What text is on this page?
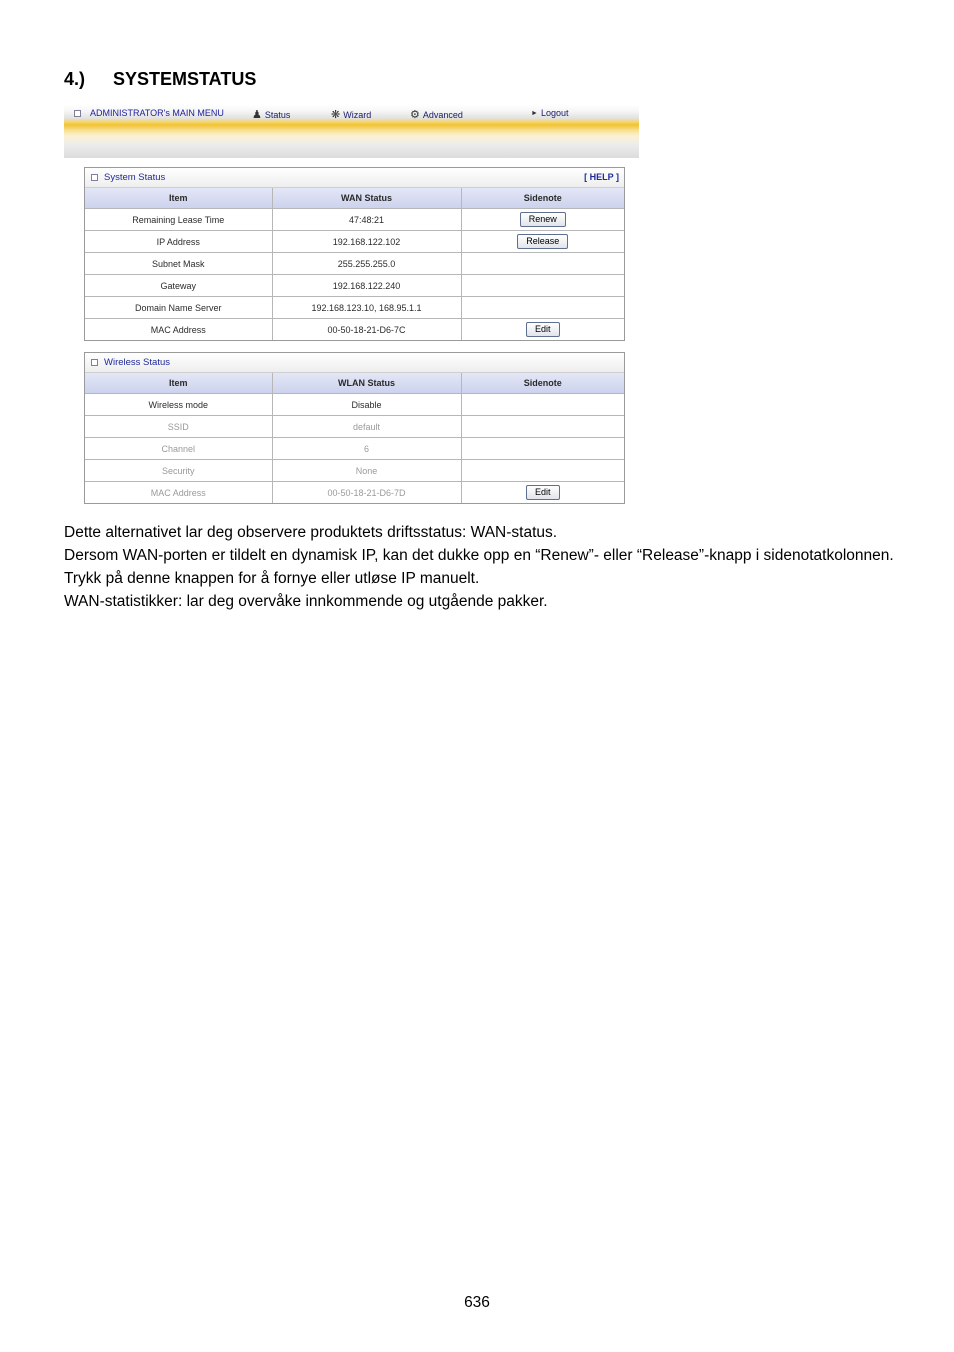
4.) SYSTEMSTATUS
ADMINISTRATOR's MAIN MENU	♟ Status	❋ Wizard	⚙ Advanced	► Logout
System Status	[ HELP ]
Item	WAN Status	Sidenote
Remaining Lease Time	47:48:21	Renew
IP Address	192.168.122.102	Release
Subnet Mask	255.255.255.0	
Gateway	192.168.122.240	
Domain Name Server	192.168.123.10, 168.95.1.1	
MAC Address	00-50-18-21-D6-7C	Edit
Wireless Status
Item	WLAN Status	Sidenote
Wireless mode	Disable	
SSID	default	
Channel	6	
Security	None	
MAC Address	00-50-18-21-D6-7D	Edit

Dette alternativet lar deg observere produktets driftsstatus: WAN-status.

Dersom WAN-porten er tildelt en dynamisk IP, kan det dukke opp en “Renew”- eller “Release”-knapp i sidenotatkolonnen. Trykk på denne knappen for å fornye eller utløse IP manuelt.

WAN-statistikker: lar deg overvåke innkommende og utgående pakker.

636
